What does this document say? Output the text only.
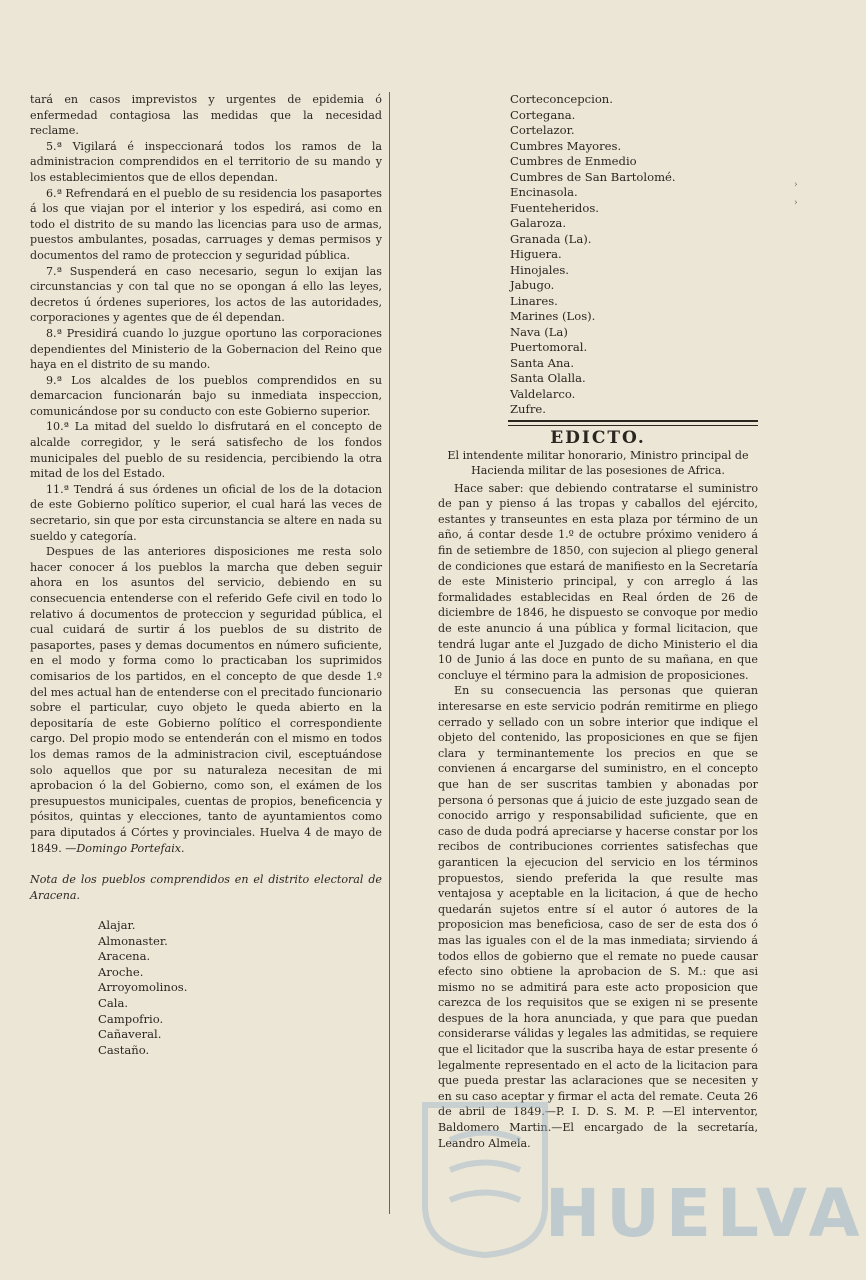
tará en casos imprevistos y urgentes de epidemia ó enfermedad contagiosa las medidas que la necesidad reclame.

5.ª Vigilará é inspeccionará todos los ramos de la administracion comprendidos en el territorio de su mando y los establecimientos que de ellos dependan.

6.ª Refrendará en el pueblo de su residencia los pasaportes á los que viajan por el interior y los espedirá, asi como en todo el distrito de su mando las licencias para uso de armas, puestos ambulantes, posadas, carruages y demas permisos y documentos del ramo de proteccion y seguridad pública.

7.ª Suspenderá en caso necesario, segun lo exijan las circunstancias y con tal que no se opongan á ello las leyes, decretos ú órdenes superiores, los actos de las autoridades, corporaciones y agentes que de él dependan.

8.ª Presidirá cuando lo juzgue oportuno las corporaciones dependientes del Ministerio de la Gobernacion del Reino que haya en el distrito de su mando.

9.ª Los alcaldes de los pueblos comprendidos en su demarcacion funcionarán bajo su inmediata inspeccion, comunicándose por su conducto con este Gobierno superior.

10.ª La mitad del sueldo lo disfrutará en el concepto de alcalde corregidor, y le será satisfecho de los fondos municipales del pueblo de su residencia, percibiendo la otra mitad de los del Estado.

11.ª Tendrá á sus órdenes un oficial de los de la dotacion de este Gobierno político superior, el cual hará las veces de secretario, sin que por esta circunstancia se altere en nada su sueldo y categoría.

Despues de las anteriores disposiciones me resta solo hacer conocer á los pueblos la marcha que deben seguir ahora en los asuntos del servicio, debiendo en su consecuencia entenderse con el referido Gefe civil en todo lo relativo á documentos de proteccion y seguridad pública, el cual cuidará de surtir á los pueblos de su distrito de pasaportes, pases y demas documentos en número suficiente, en el modo y forma como lo practicaban los suprimidos comisarios de los partidos, en el concepto de que desde 1.º del mes actual han de entenderse con el precitado funcionario sobre el particular, cuyo objeto le queda abierto en la depositaría de este Gobierno político el correspondiente cargo. Del propio modo se entenderán con el mismo en todos los demas ramos de la administracion civil, esceptuándose solo aquellos que por su naturaleza necesitan de mi aprobacion ó la del Gobierno, como son, el exámen de los presupuestos municipales, cuentas de propios, beneficencia y pósitos, quintas y elecciones, tanto de ayuntamientos como para diputados á Córtes y provinciales. Huelva 4 de mayo de 1849. —Domingo Portefaix.

Nota de los pueblos comprendidos en el distrito electoral de Aracena.

Alajar.
Almonaster.
Aracena.
Aroche.
Arroyomolinos.
Cala.
Campofrio.
Cañaveral.
Castaño.
Corteconcepcion.
Cortegana.
Cortelazor.
Cumbres Mayores.
Cumbres de Enmedio
Cumbres de San Bartolomé.
Encinasola.
Fuenteheridos.
Galaroza.
Granada (La).
Higuera.
Hinojales.
Jabugo.
Linares.
Marines (Los).
Nava (La)
Puertomoral.
Santa Ana.
Santa Olalla.
Valdelarco.
Zufre.
EDICTO.

El intendente militar honorario, Ministro principal de Hacienda militar de las posesiones de Africa.

Hace saber: que debiendo contratarse el suministro de pan y pienso á las tropas y caballos del ejército, estantes y transeuntes en esta plaza por término de un año, á contar desde 1.º de octubre próximo venidero á fin de setiembre de 1850, con sujecion al pliego general de condiciones que estará de manifiesto en la Secretaría de este Ministerio principal, y con arreglo á las formalidades establecidas en Real órden de 26 de diciembre de 1846, he dispuesto se convoque por medio de este anuncio á una pública y formal licitacion, que tendrá lugar ante el Juzgado de dicho Ministerio el dia 10 de Junio á las doce en punto de su mañana, en que concluye el término para la admision de proposiciones.

En su consecuencia las personas que quieran interesarse en este servicio podrán remitirme en pliego cerrado y sellado con un sobre interior que indique el objeto del contenido, las proposiciones en que se fijen clara y terminantemente los precios en que se convienen á encargarse del suministro, en el concepto que han de ser suscritas tambien y abonadas por persona ó personas que á juicio de este juzgado sean de conocido arrigo y responsabilidad suficiente, que en caso de duda podrá apreciarse y hacerse constar por los recibos de contribuciones corrientes satisfechas que garanticen la ejecucion del servicio en los términos propuestos, siendo preferida la que resulte mas ventajosa y aceptable en la licitacion, á que de hecho quedarán sujetos entre sí el autor ó autores de la proposicion mas beneficiosa, caso de ser de esta dos ó mas las iguales con el de la mas inmediata; sirviendo á todos ellos de gobierno que el remate no puede causar efecto sino obtiene la aprobacion de S. M.: que asi mismo no se admitirá para este acto proposicion que carezca de los requisitos que se exigen ni se presente despues de la hora anunciada, y que para que puedan considerarse válidas y legales las admitidas, se requiere que el licitador que la suscriba haya de estar presente ó legalmente representado en el acto de la licitacion para que pueda prestar las aclaraciones que se necesiten y en su caso aceptar y firmar el acta del remate. Ceuta 26 de abril de 1849.—P. I. D. S. M. P. —El interventor, Baldomero Martin.—El encargado de la secretaría, Leandro Almela.

HUELVA
›
›
